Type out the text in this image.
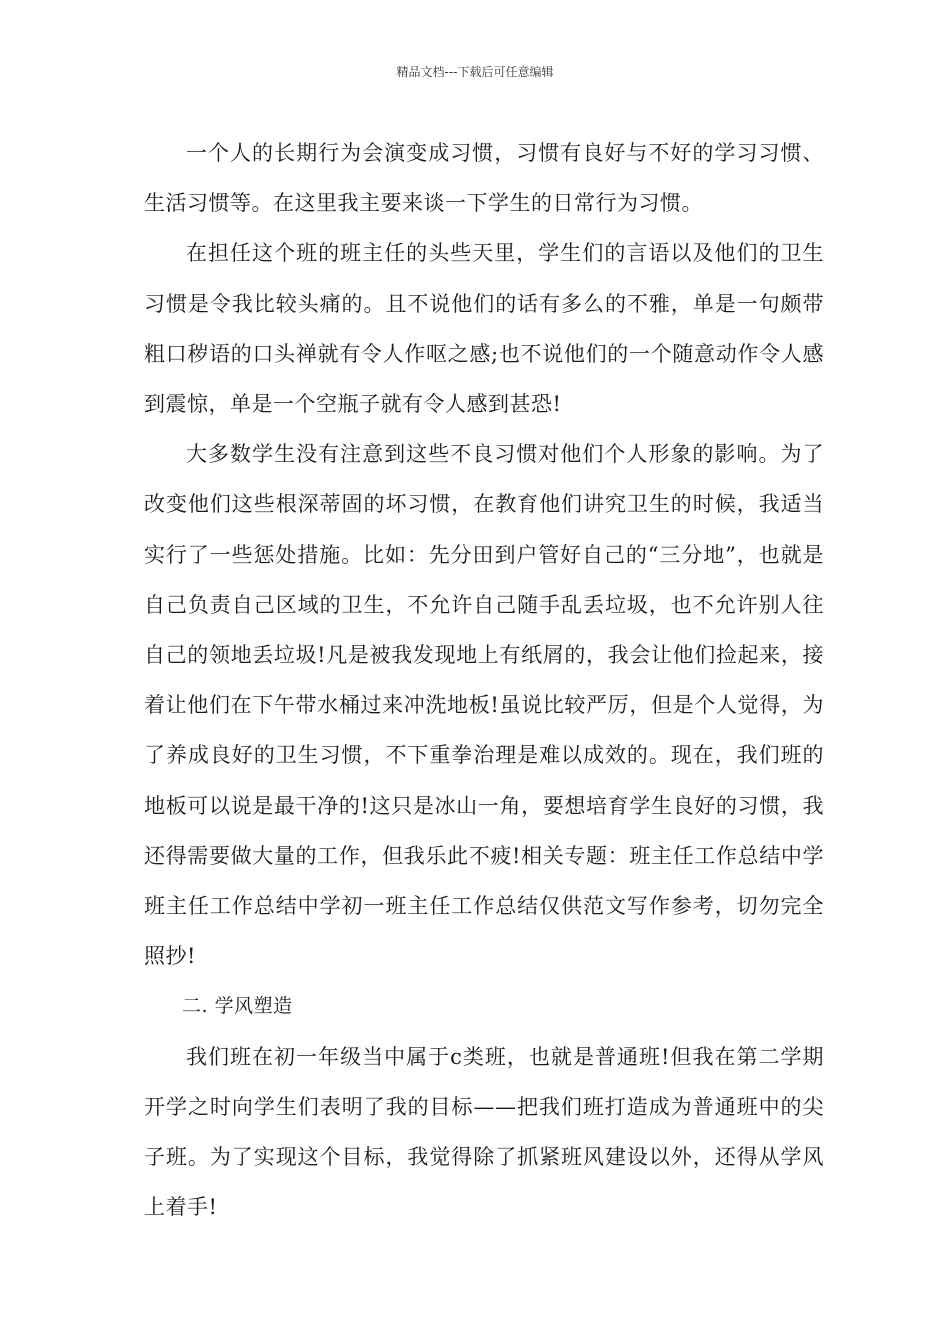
精品文档---下载后可任意编辑

一个人的长期行为会演变成习惯，习惯有良好与不好的学习习惯、生活习惯等。在这里我主要来谈一下学生的日常行为习惯。

在担任这个班的班主任的头些天里，学生们的言语以及他们的卫生习惯是令我比较头痛的。且不说他们的话有多么的不雅，单是一句颇带粗口秽语的口头禅就有令人作呕之感;也不说他们的一个随意动作令人感到震惊，单是一个空瓶子就有令人感到甚恐!

大多数学生没有注意到这些不良习惯对他们个人形象的影响。为了改变他们这些根深蒂固的坏习惯，在教育他们讲究卫生的时候，我适当实行了一些惩处措施。比如：先分田到户管好自己的“三分地”，也就是自己负责自己区域的卫生，不允许自己随手乱丢垃圾，也不允许别人往自己的领地丢垃圾!凡是被我发现地上有纸屑的，我会让他们捡起来，接着让他们在下午带水桶过来冲洗地板!虽说比较严厉，但是个人觉得，为了养成良好的卫生习惯，不下重拳治理是难以成效的。现在，我们班的地板可以说是最干净的!这只是冰山一角，要想培育学生良好的习惯，我还得需要做大量的工作，但我乐此不疲!相关专题：班主任工作总结中学班主任工作总结中学初一班主任工作总结仅供范文写作参考，切勿完全照抄!

二. 学风塑造

我们班在初一年级当中属于c类班，也就是普通班!但我在第二学期开学之时向学生们表明了我的目标——把我们班打造成为普通班中的尖子班。为了实现这个目标，我觉得除了抓紧班风建设以外，还得从学风上着手!
